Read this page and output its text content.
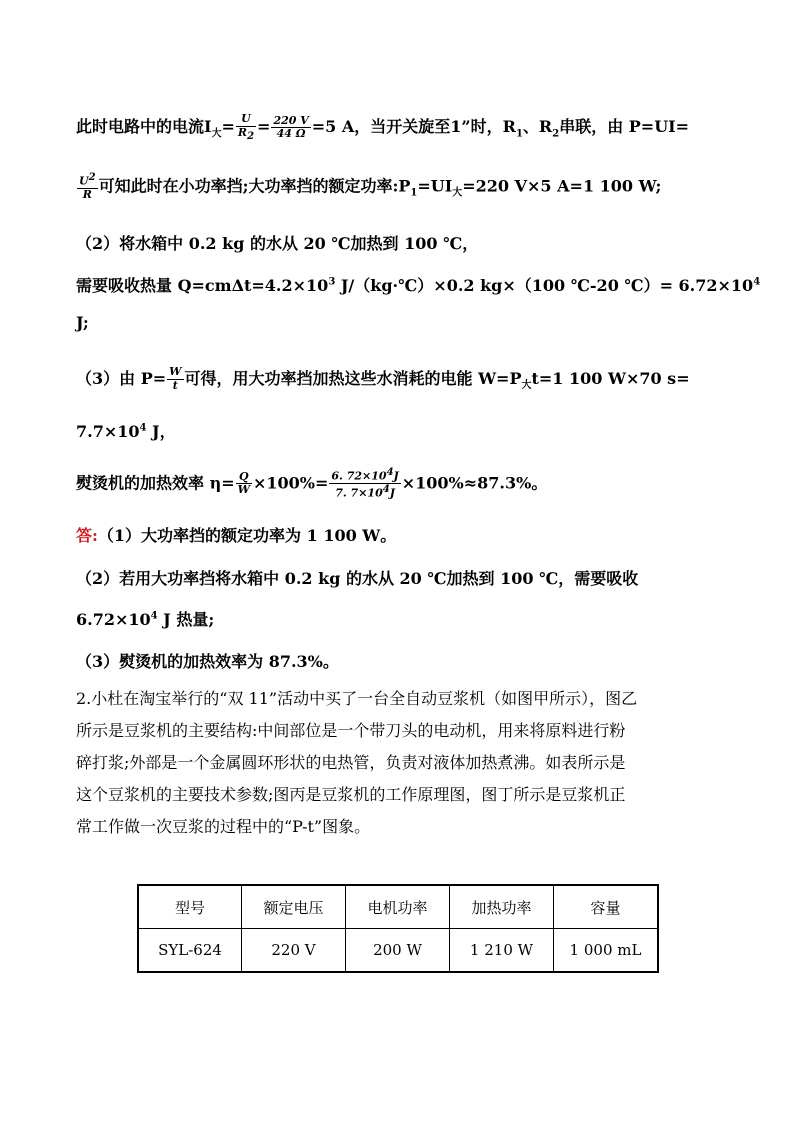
此时电路中的电流$I_大= \frac{U}{R_2} = \frac{220 V}{44 \Omega} =5$ A，当开关旋至1”时，$R_1$、$R_2$串联，由 P=UI=
$\frac{U^2}{R}$ 可知此时在小功率挡;大功率挡的额定功率$:P_1=UI_大=220$ V×5 A=1 100 W;
（2）将水箱中 0.2 kg 的水从 20 ℃加热到 100 ℃，
需要吸收热量 $Q=cm\Delta t=4.2\times 10^3$ J/（kg·℃）×0.2 kg×（100 ℃-20 ℃）= $6.72\times 10^4$
J;
（3）由 $P= \frac{W}{t}$ 可得，用大功率挡加热这些水消耗的电能 $W=P_大t=1$ 100 W×70 s=
$7.7\times 10^4$ J，
熨烫机的加热效率 $\eta= \frac{Q}{W} \times 100\%= \frac{6. 72\times 10^4J}{7. 7\times 10^4J} \times 100\%\approx 87.3\%$。
答:（1）大功率挡的额定功率为 1 100 W。
（2）若用大功率挡将水箱中 0.2 kg 的水从 20 ℃加热到 100 ℃，需要吸收
$6.72\times 10^4$ J 热量;
（3）熨烫机的加热效率为 87.3%。
2.小杜在淘宝举行的“双 11”活动中买了一台全自动豆浆机（如图甲所示），图乙
所示是豆浆机的主要结构:中间部位是一个带刀头的电动机，用来将原料进行粉
碎打浆;外部是一个金属圆环形状的电热管，负责对液体加热煮沸。如表所示是
这个豆浆机的主要技术参数;图丙是豆浆机的工作原理图，图丁所示是豆浆机正
常工作做一次豆浆的过程中的“P-t”图象。
型号	额定电压	电机功率	加热功率	容量
SYL-624	220 V	200 W	1 210 W	1 000 mL
